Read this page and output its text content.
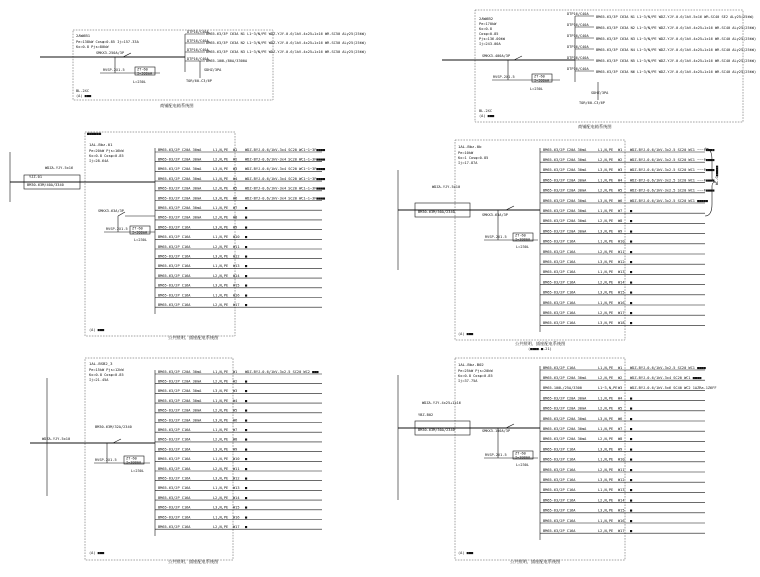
2AW6B1
Pe=138kW Cosφ=0.85 Ij=157.33A
Kx=0.8 Pjs=80kW
SMKX3-250A/3P
RVSP-2X1.5	ZT-60
I=300mA
L=230L
DTP16/C40A
BM65-63/3P C63A N1 L1~3/N/PE WDZ-YJY-0.6/1kV-4x25+1x16 WR-SC50 ALy25(25kW)
DTP16/C40A
BM65-63/3P C63A N2 L1~3/N/PE WDZ-YJY-0.6/1kV-4x25+1x16 WR-SC50 ALy25(25kW)
DTP16/C40A
BM65-63/3P C63A N3 L1~3/N/PE WDZ-YJY-0.6/1kV-4x25+1x16 WR-SC50 ALy25(25kW)
DTP16/C40A
BM65-100L/80A/3300A
SDHZ/3PA
TOR/60-C3/6P
BL-2XC
(A) ■■■
商铺配电箱系统图
2AW6B2
Pe=170kW
Kx=0.8
Cosφ=0.85
Pjs=136.00kW
Ij=243.00A
SMKX3-400A/3P
RVSP-2X1.5	ZT-60
I=300mA
L=230L
DTP16/C40A
BM65-63/3P C63A N1 L1~3/N/PE WDZ-YJY-0.6/1kV-5x16 WR-SC40 SE2 ALy25(25kW)
DTP16/C40A
BM65-63/3P C63A N2 L1~3/N/PE WDZ-YJY-0.6/1kV-4x25+1x16 WR-SC40 ALy25(25kW)
DTP16/C40A
BM65-63/3P C63A N3 L1~3/N/PE WDZ-YJY-0.6/1kV-4x25+1x16 WR-SC40 ALy25(25kW)
DTP16/C40A
BM65-63/3P C63A N4 L1~3/N/PE WDZ-YJY-0.6/1kV-4x25+1x16 WR-SC40 ALy25(25kW)
DTP16/C40A
BM65-63/3P C63A N5 L1~3/N/PE WDZ-YJY-0.6/1kV-4x25+1x16 WR-SC40 ALy25(25kW)
DTP16/C40A
BM65-63/3P C63A N6 L1~3/N/PE WDZ-YJY-0.6/1kV-4x25+1x16 WR-SC40 ALy25(25kW)
SDHZ/3PA
TOR/60-C3/6P
BL-2XC
(A) ■■■
商铺配电箱系统图
■■■■■■
1AL-Bbz-01
Pe=20kW Pjs=16kW
Kx=0.8 Cosφ=0.85
Ij=28.64A
WDZA-YJY-5x16
YJZ-01
BM30-63M/40A/3340
SMKX3-63A/3P
RVSP-2X1.5 ZT-60
I=300mA
L=230L
BM65-63/2P C20A 30mA	L1,N,PE W1 WDZ-BYJ-0.6/1kV-3x4 SC20 WC1~1~3F■■■■
BM65-63/2P C20A 30mA	L2,N,PE W2 WDZ-BYJ-0.6/1kV-3x4 SC20 WC1~1~3F■■■■
BM65-63/2P C20A 30mA	L3,N,PE W3 WDZ-BYJ-0.6/1kV-3x4 SC20 WC1~1~3F■■■■
BM65-63/2P C20A 30mA	L1,N,PE W4 WDZ-BYJ-0.6/1kV-3x4 SC20 WC1~1~3F■■■■
BM65-63/2P C20A 30mA	L2,N,PE W5 WDZ-BYJ-0.6/1kV-3x4 SC20 WC1~1~3F■■■■
BM65-63/2P C20A 30mA	L3,N,PE W6 WDZ-BYJ-0.6/1kV-3x4 SC20 WC1~1~3F■■■■
BM65-63/2P C20A 30mA	L1,N,PE W7 ■
BM65-63/2P C20A 30mA	L2,N,PE W8 ■
BM65-63/2P C16A	L3,N,PE W9 ■
BM65-63/2P C16A	L1,N,PE W10 ■
BM65-63/2P C16A	L2,N,PE W11 ■
BM65-63/2P C16A	L3,N,PE W12 ■
BM65-63/2P C16A	L1,N,PE W13 ■
BM65-63/2P C16A	L2,N,PE W14 ■
BM65-63/2P C16A	L3,N,PE W15 ■
BM65-63/2P C16A	L1,N,PE W16 ■
BM65-63/2P C16A	L2,N,PE W17 ■
(A) ■■■
公共照明、插座配电系统图
1AL-Bbz-0b
Pe=10kW
Kx=1 Cosφ=0.85
Ij=17.87A
WDZA-YJY-5x10
BM30-63M/50A/2340
SMKX3-63A/3P
RVSP-2X1.5 ZT-60
I=300mA
L=230L
BM65-63/2P C20A 30mA	L1,N,PE W1 WDZ-BYJ-0.6/1kV-3x2.5 SC20 WC1 ~~~F■■■■
BM65-63/2P C20A 30mA	L2,N,PE W2 WDZ-BYJ-0.6/1kV-3x2.5 SC20 WC1 ~~~F■■■■
BM65-63/2P C20A 30mA	L3,N,PE W3 WDZ-BYJ-0.6/1kV-3x2.5 SC20 WC1 ~~~F■■■■
BM65-63/2P C20A 30mA	L1,N,PE W4 WDZ-BYJ-0.6/1kV-3x2.5 SC20 WC1 ~~~F■■■■
BM65-63/2P C20A 30mA	L2,N,PE W5 WDZ-BYJ-0.6/1kV-3x2.5 SC20 WC1 ~~~F■■■■
BM65-63/2P C20A 30mA	L3,N,PE W6 WDZ-BYJ-0.6/1kV-3x2.5 SC20 WC1 ■■■■■
BM65-63/2P C20A 30mA	L1,N,PE W7 ■
BM65-63/2P C20A 30mA	L2,N,PE W8 ■
BM65-63/2P C20A 30mA	L3,N,PE W9 ■
BM65-63/2P C16A	L1,N,PE W10 ■
BM65-63/2P C16A	L2,N,PE W11 ■
BM65-63/2P C16A	L3,N,PE W12 ■
BM65-63/2P C16A	L1,N,PE W13 ■
BM65-63/2P C16A	L2,N,PE W14 ■
BM65-63/2P C16A	L3,N,PE W15 ■
BM65-63/2P C16A	L1,N,PE W16 ■
BM65-63/2P C16A	L2,N,PE W17 ■
BM65-63/2P C16A	L3,N,PE W18 ■
WL-C■■■■■
(A) ■■■
公共照明、插座配电系统图
(■■■■-■-21)
1AL-BSB2_3
Pe=15kW Pjs=12kW
Kx=0.8 Cosφ=0.85
Ij=21.45A
WDZA-YJY-5x10
BM30-63M/32A/2340
RVSP-2X1.5	ZT-60
I=300mA
L=230L
BM65-63/2P C20A 30mA	L1,N,PE W1 WDZ-BYJ-0.6/1kV-3x2.5 SC20 WC2 ■■■
BM65-63/2P C20A 30mA	L2,N,PE W2 ■
BM65-63/2P C20A 30mA	L3,N,PE W3 ■
BM65-63/2P C20A 30mA	L1,N,PE W4 ■
BM65-63/2P C20A 30mA	L2,N,PE W5 ■
BM65-63/2P C20A 30mA	L3,N,PE W6 ■
BM65-63/2P C16A	L1,N,PE W7 ■
BM65-63/2P C16A	L2,N,PE W8 ■
BM65-63/2P C16A	L3,N,PE W9 ■
BM65-63/2P C16A	L1,N,PE W10 ■
BM65-63/2P C16A	L2,N,PE W11 ■
BM65-63/2P C16A	L3,N,PE W12 ■
BM65-63/2P C16A	L1,N,PE W13 ■
BM65-63/2P C16A	L2,N,PE W14 ■
BM65-63/2P C16A	L3,N,PE W15 ■
BM65-63/2P C16A	L1,N,PE W16 ■
BM65-63/2P C16A	L2,N,PE W17 ■
(A) ■■■
公共照明、插座配电系统图
1AL-Bbz-B02
Pe=25kW Pjs=20kW
Kx=0.8 Cosφ=0.85
Ij=37.75A
WDZA-YJY-4x25+1x16
YBZ-B02
BM30-63M/50A/2340	SMKX3-100A/3P
RVSP-2X1.5 ZT-60
I=300mA
L=230L
BM65-63/2P C16A	L1,N,PE W1 WDZ-BYJ-0.6/1kV-3x2.5 SC20 WC1 ■■■■
BM65-63/2P C20A 30mA	L2,N,PE W2 WDZ-BYJ-0.6/1kV-3x4 SC20 WC1 ■■■■
BM65-100L/25A/3300	L1~3,N,PE W3 WDZ-BYJ-0.6/1kV-5x6 SC40 WC2 1AZRa-1Z6FF
BM65-63/2P C20A 30mA	L1,N,PE W4 ■
BM65-63/2P C20A 30mA	L2,N,PE W5 ■
BM65-63/2P C20A 30mA	L3,N,PE W6 ■
BM65-63/2P C20A 30mA	L1,N,PE W7 ■
BM65-63/2P C20A 30mA	L2,N,PE W8 ■
BM65-63/2P C16A	L3,N,PE W9 ■
BM65-63/2P C16A	L1,N,PE W10 ■
BM65-63/2P C16A	L2,N,PE W11 ■
BM65-63/2P C16A	L3,N,PE W12 ■
BM65-63/2P C16A	L1,N,PE W13 ■
BM65-63/2P C16A	L2,N,PE W14 ■
BM65-63/2P C16A	L3,N,PE W15 ■
BM65-63/2P C16A	L1,N,PE W16 ■
BM65-63/2P C16A	L2,N,PE W17 ■
(A) ■■■
公共照明、插座配电系统图
